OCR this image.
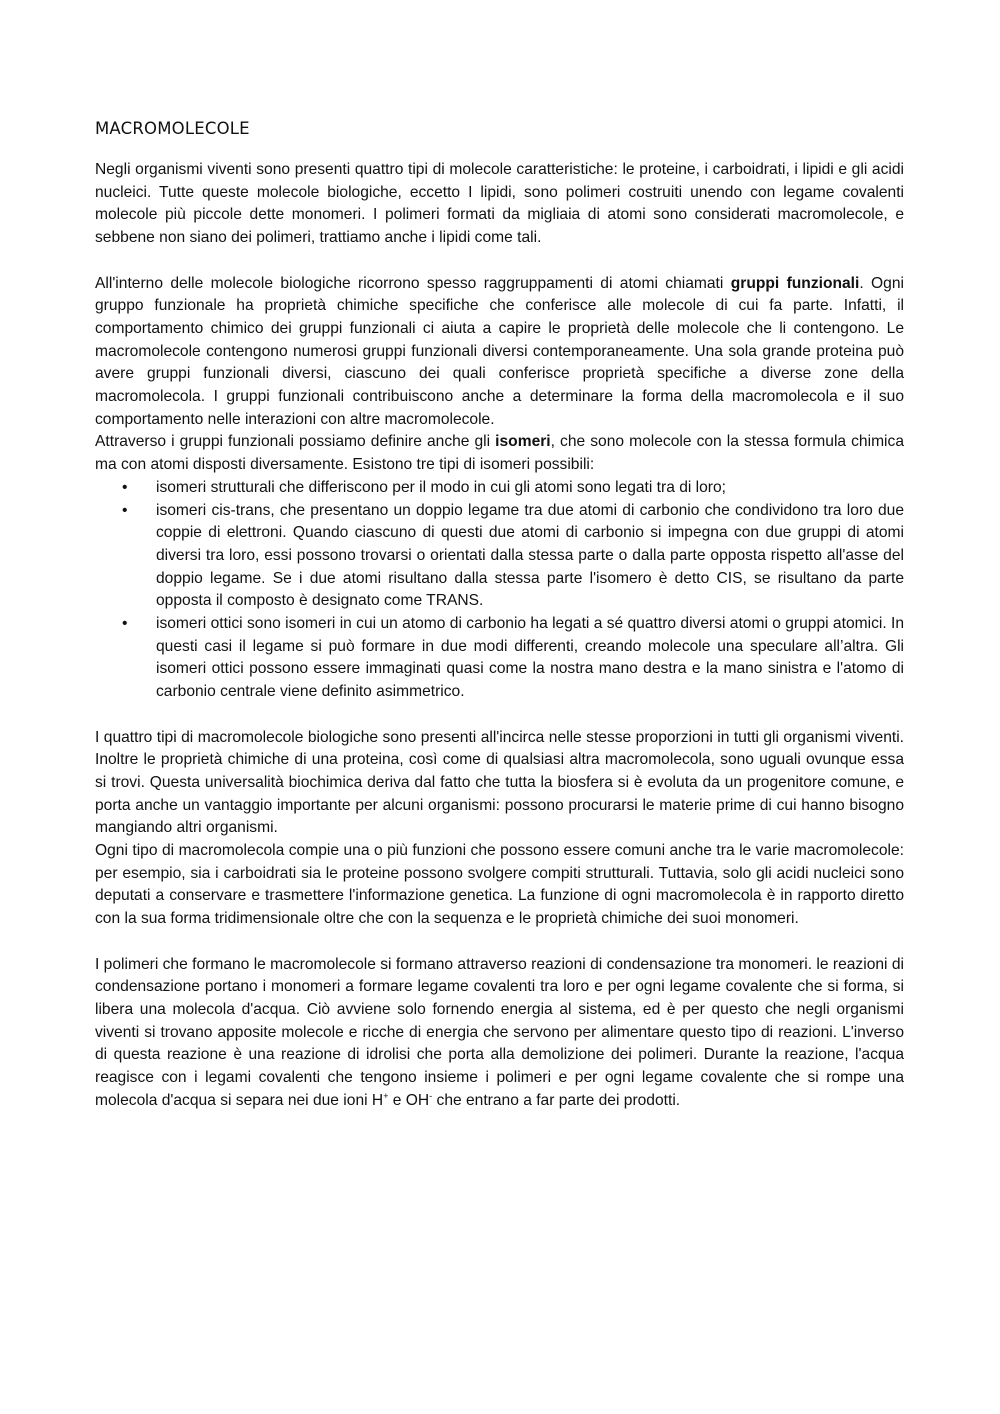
MACROMOLECOLE

Negli organismi viventi sono presenti quattro tipi di molecole caratteristiche: le proteine, i carboidrati, i lipidi e gli acidi nucleici. Tutte queste molecole biologiche, eccetto I lipidi, sono polimeri costruiti unendo con legame covalenti molecole più piccole dette monomeri. I polimeri formati da migliaia di atomi sono considerati macromolecole, e sebbene non siano dei polimeri, trattiamo anche i lipidi come tali.

All'interno delle molecole biologiche ricorrono spesso raggruppamenti di atomi chiamati gruppi funzionali. Ogni gruppo funzionale ha proprietà chimiche specifiche che conferisce alle molecole di cui fa parte. Infatti, il comportamento chimico dei gruppi funzionali ci aiuta a capire le proprietà delle molecole che li contengono. Le macromolecole contengono numerosi gruppi funzionali diversi contemporaneamente. Una sola grande proteina può avere gruppi funzionali diversi, ciascuno dei quali conferisce proprietà specifiche a diverse zone della macromolecola. I gruppi funzionali contribuiscono anche a determinare la forma della macromolecola e il suo comportamento nelle interazioni con altre macromolecole.

Attraverso i gruppi funzionali possiamo definire anche gli isomeri, che sono molecole con la stessa formula chimica ma con atomi disposti diversamente. Esistono tre tipi di isomeri possibili:

• isomeri strutturali che differiscono per il modo in cui gli atomi sono legati tra di loro;
• isomeri cis-trans, che presentano un doppio legame tra due atomi di carbonio che condividono tra loro due coppie di elettroni. Quando ciascuno di questi due atomi di carbonio si impegna con due gruppi di atomi diversi tra loro, essi possono trovarsi o orientati dalla stessa parte o dalla parte opposta rispetto all'asse del doppio legame. Se i due atomi risultano dalla stessa parte l'isomero è detto CIS, se risultano da parte opposta il composto è designato come TRANS.
• isomeri ottici sono isomeri in cui un atomo di carbonio ha legati a sé quattro diversi atomi o gruppi atomici. In questi casi il legame si può formare in due modi differenti, creando molecole una speculare all’altra. Gli isomeri ottici possono essere immaginati quasi come la nostra mano destra e la mano sinistra e l'atomo di carbonio centrale viene definito asimmetrico.

I quattro tipi di macromolecole biologiche sono presenti all'incirca nelle stesse proporzioni in tutti gli organismi viventi. Inoltre le proprietà chimiche di una proteina, così come di qualsiasi altra macromolecola, sono uguali ovunque essa si trovi. Questa universalità biochimica deriva dal fatto che tutta la biosfera si è evoluta da un progenitore comune, e porta anche un vantaggio importante per alcuni organismi: possono procurarsi le materie prime di cui hanno bisogno mangiando altri organismi.

Ogni tipo di macromolecola compie una o più funzioni che possono essere comuni anche tra le varie macromolecole: per esempio, sia i carboidrati sia le proteine possono svolgere compiti strutturali. Tuttavia, solo gli acidi nucleici sono deputati a conservare e trasmettere l'informazione genetica. La funzione di ogni macromolecola è in rapporto diretto con la sua forma tridimensionale oltre che con la sequenza e le proprietà chimiche dei suoi monomeri.

I polimeri che formano le macromolecole si formano attraverso reazioni di condensazione tra monomeri. le reazioni di condensazione portano i monomeri a formare legame covalenti tra loro e per ogni legame covalente che si forma, si libera una molecola d'acqua. Ciò avviene solo fornendo energia al sistema, ed è per questo che negli organismi viventi si trovano apposite molecole e ricche di energia che servono per alimentare questo tipo di reazioni. L'inverso di questa reazione è una reazione di idrolisi che porta alla demolizione dei polimeri. Durante la reazione, l'acqua reagisce con i legami covalenti che tengono insieme i polimeri e per ogni legame covalente che si rompe una molecola d'acqua si separa nei due ioni H+ e OH- che entrano a far parte dei prodotti.
